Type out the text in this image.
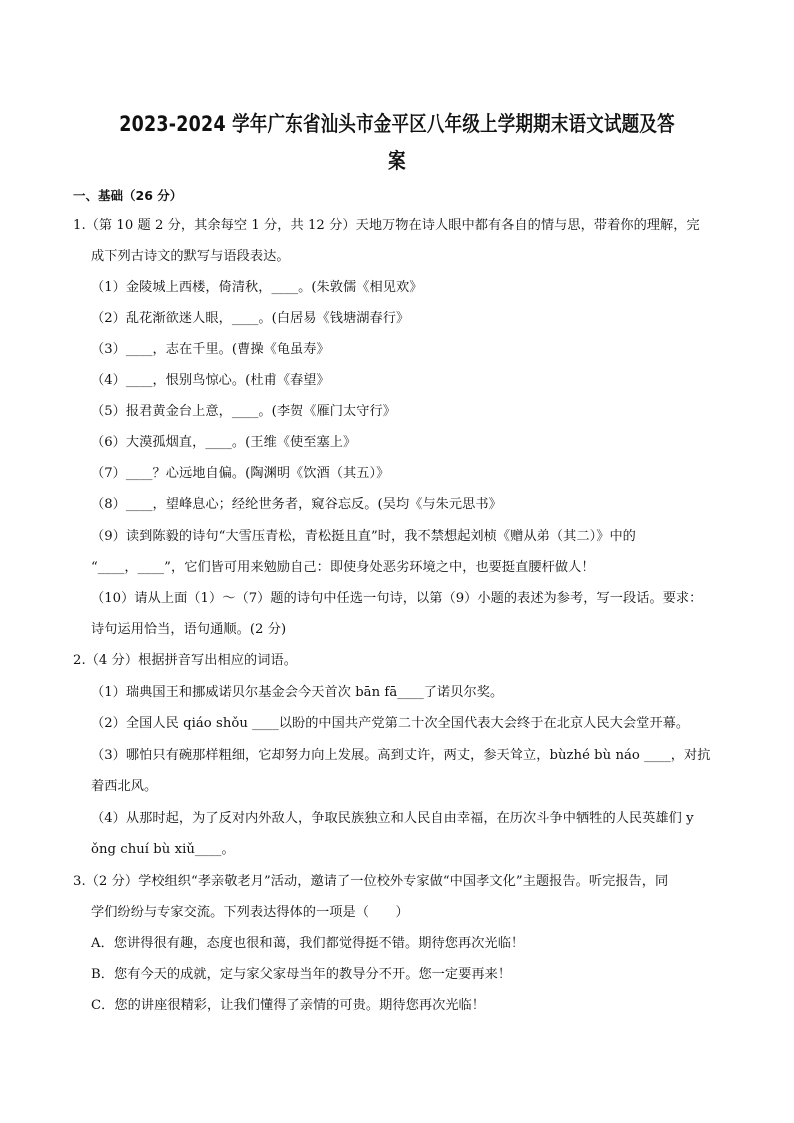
2023-2024 学年广东省汕头市金平区八年级上学期期末语文试题及答
案
一、基础（26 分）
1.（第 10 题 2 分，其余每空 1 分，共 12 分）天地万物在诗人眼中都有各自的情与思，带着你的理解，完
成下列古诗文的默写与语段表达。
（1）金陵城上西楼，倚清秋，____。(朱敦儒《相见欢》
（2）乱花渐欲迷人眼，____。(白居易《钱塘湖春行》
（3）____，志在千里。(曹操《龟虽寿》
（4）____，恨别鸟惊心。(杜甫《春望》
（5）报君黄金台上意，____。(李贺《雁门太守行》
（6）大漠孤烟直，____。(王维《使至塞上》
（7）____？心远地自偏。(陶渊明《饮酒（其五）》
（8）____，望峰息心；经纶世务者，窥谷忘反。(吴均《与朱元思书》
（9）读到陈毅的诗句“大雪压青松，青松挺且直”时，我不禁想起刘桢《赠从弟（其二）》中的
“____，____”，它们皆可用来勉励自己：即使身处恶劣环境之中，也要挺直腰杆做人！
（10）请从上面（1）～（7）题的诗句中任选一句诗，以第（9）小题的表述为参考，写一段话。要求：
诗句运用恰当，语句通顺。(2 分)
2.（4 分）根据拼音写出相应的词语。
（1）瑞典国王和挪威诺贝尔基金会今天首次 bān fā____了诺贝尔奖。
（2）全国人民 qiáo shǒu ____以盼的中国共产党第二十次全国代表大会终于在北京人民大会堂开幕。
（3）哪怕只有碗那样粗细，它却努力向上发展。高到丈许，两丈，参天耸立，bùzhé bù náo ____，对抗
着西北风。
（4）从那时起，为了反对内外敌人，争取民族独立和人民自由幸福，在历次斗争中牺牲的人民英雄们 y
ǒng chuí bù xiǔ____。
3.（2 分）学校组织“孝亲敬老月”活动，邀请了一位校外专家做“中国孝文化”主题报告。听完报告，同
学们纷纷与专家交流。下列表达得体的一项是（　　）
A．您讲得很有趣，态度也很和蔼，我们都觉得挺不错。期待您再次光临！
B．您有今天的成就，定与家父家母当年的教导分不开。您一定要再来！
C．您的讲座很精彩，让我们懂得了亲情的可贵。期待您再次光临！
